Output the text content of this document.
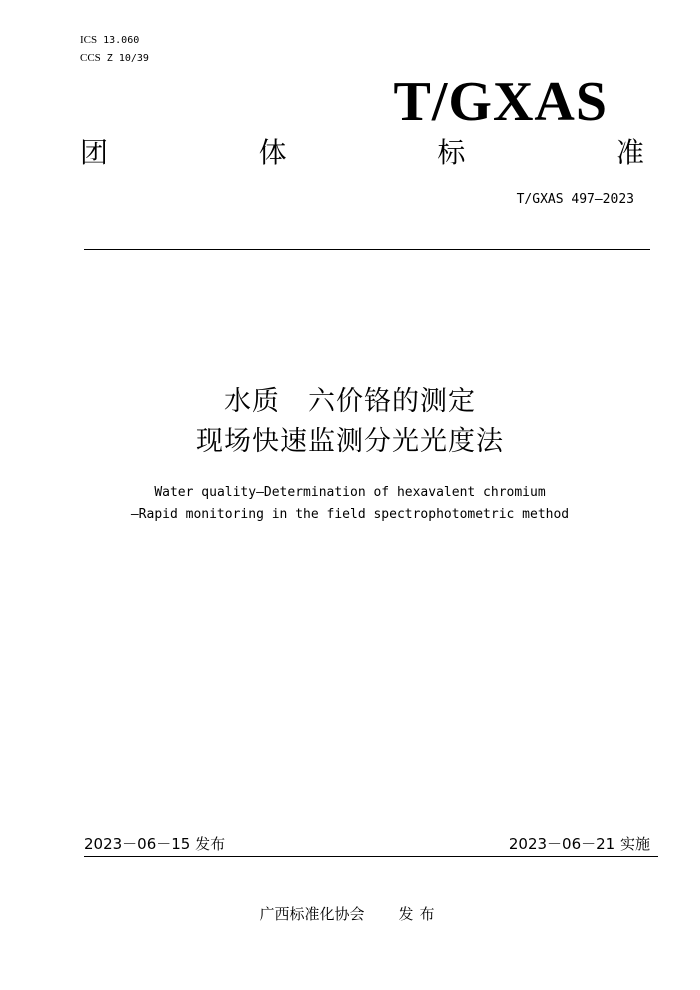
ICS 13.060
CCS Z 10/39
T/GXAS
团	体	标	准
T/GXAS 497—2023
水质　六价铬的测定
现场快速监测分光光度法
Water quality—Determination of hexavalent chromium
—Rapid monitoring in the field spectrophotometric method
2023－06－15 发布	2023－06－21 实施
广西标准化协会 发布
